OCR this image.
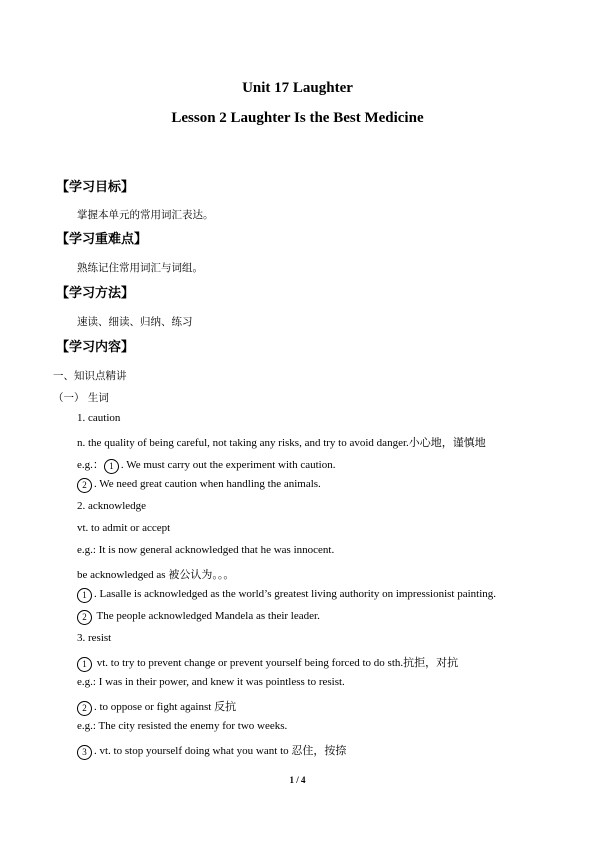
Unit 17 Laughter
Lesson 2 Laughter Is the Best Medicine
【学习目标】
掌握本单元的常用词汇表达。
【学习重难点】
熟练记住常用词汇与词组。
【学习方法】
速读、细读、归纳、练习
【学习内容】
一、知识点精讲
（一） 生词
1. caution
n. the quality of being careful, not taking any risks, and try to avoid danger.小心地，谨慎地
e.g.： 1 . We must carry out the experiment with caution.
2 . We need great caution when handling the animals.
2. acknowledge
vt. to admit or accept
e.g.: It is now general acknowledged that he was innocent.
be acknowledged as 被公认为。。。
1 . Lasalle is acknowledged as the world’s greatest living authority on impressionist painting.
2 The people acknowledged Mandela as their leader.
3. resist
1 vt. to try to prevent change or prevent yourself being forced to do sth.抗拒，对抗
e.g.: I was in their power, and knew it was pointless to resist.
2 . to oppose or fight against 反抗
e.g.: The city resisted the enemy for two weeks.
3 . vt. to stop yourself doing what you want to 忍住，按捺
1 / 4
